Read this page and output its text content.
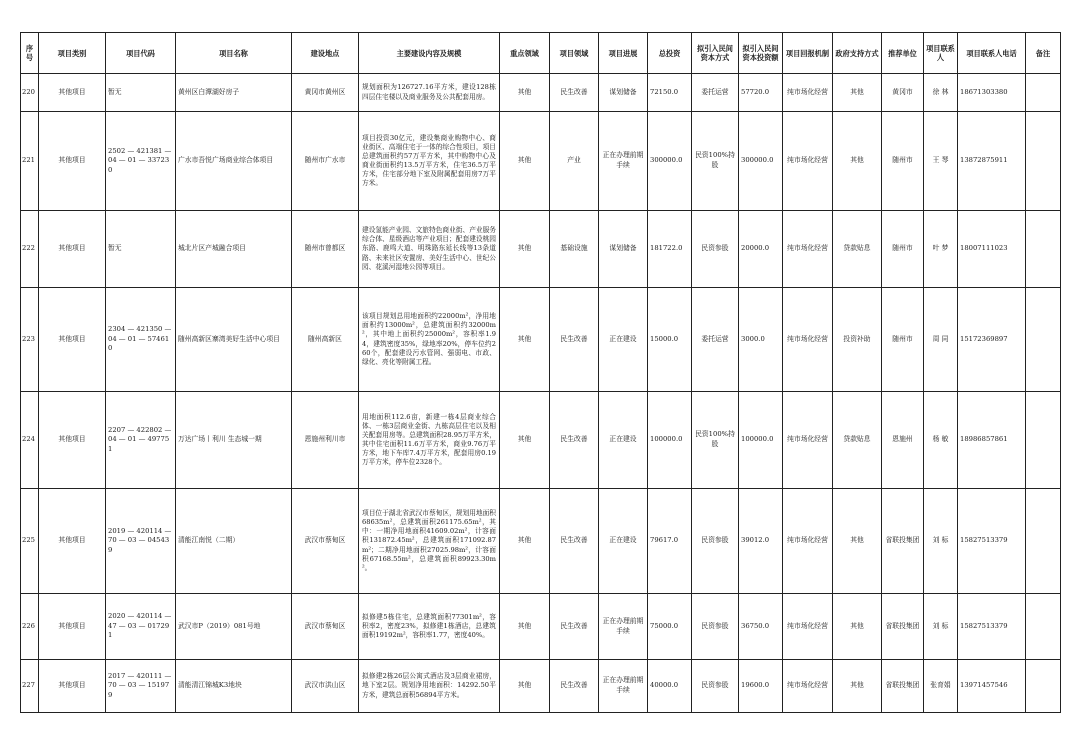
序号	项目类别	项目代码	项目名称	建设地点	主要建设内容及规模	重点领域	项目领域	项目进展	总投资	拟引入民间资本方式	拟引入民间资本投资额	项目回报机制	政府支持方式	推荐单位	项目联系人	项目联系人电话	备注
220	其他项目	暂无	黄州区白潭湖好房子	黄冈市黄州区	规划面积为126727.16平方米，建设128栋四层住宅楼以及商业服务及公共配套用房。	其他	民生改善	谋划储备	72150.0	委托运营	57720.0	纯市场化经营	其他	黄冈市	徐 林	18671303380	
221	其他项目	2502 — 421381 — 04 — 01 — 337230	广水市吾悦广场商业综合体项目	随州市广水市	项目投资30亿元，建设集商业购物中心、商业街区、高端住宅于一体的综合性项目，项目总建筑面积约57万平方米，其中购物中心及商业街面积约13.5万平方米，住宅36.5万平方米，住宅部分地下室及附属配套用房7万平方米。	其他	产业	正在办理前期手续	300000.0	民资100%持股	300000.0	纯市场化经营	其他	随州市	王 琴	13872875911	
222	其他项目	暂无	城北片区产城融合项目	随州市曾都区	建设氢能产业园、文旅特色商业街、产业服务综合体、星级酒店等产业项目；配套建设桃园东路、鹿鸣大道、明珠路东延长线等13条道路、未来社区安置房、美好生活中心、世纪公园、花溪河湿地公园等项目。	其他	基础设施	谋划储备	181722.0	民资参股	20000.0	纯市场化经营	贷款贴息	随州市	叶 梦	18007111023	
223	其他项目	2304 — 421350 — 04 — 01 — 574610	随州高新区寨湾美好生活中心项目	随州高新区	该项目规划总用地面积约22000m²，净用地面积约13000m²，总建筑面积约32000m²，其中地上面积约25000m²，容积率1.94，建筑密度35%，绿地率20%，停车位约260个，配套建设污水管网、强弱电、市政、绿化、亮化等附属工程。	其他	民生改善	正在建设	15000.0	委托运营	3000.0	纯市场化经营	投资补助	随州市	周 同	15172369897	
224	其他项目	2207 — 422802 — 04 — 01 — 497751	万达广场丨利川 生态城一期	恩施州利川市	用地面积112.6亩，新建一栋4层商业综合体、一栋3层商业金街、九栋高层住宅以及相关配套用房等。总建筑面积28.95万平方米，其中住宅面积11.6万平方米，商业9.76万平方米，地下车库7.4万平方米，配套用房0.19万平方米，停车位2328个。	其他	民生改善	正在建设	100000.0	民资100%持股	100000.0	纯市场化经营	贷款贴息	恩施州	杨 敏	18986857861	
225	其他项目	2019 — 420114 — 70 — 03 — 045439	清能江南悦（二期）	武汉市蔡甸区	项目位于湖北省武汉市蔡甸区，规划用地面积68635m²，总建筑面积261175.65m²，其中：一期净用地面积41609.02m²，计容面积131872.45m²，总建筑面积171092.87m²；二期净用地面积27025.98m²，计容面积67168.55m²，总建筑面积89923.30m²。	其他	民生改善	正在建设	79617.0	民资参股	39012.0	纯市场化经营	其他	省联投集团	刘 标	15827513379	
226	其他项目	2020 — 420114 — 47 — 03 — 017291	武汉市P（2019）081号地	武汉市蔡甸区	拟修建5栋住宅，总建筑面积77301m²，容积率2，密度23%，拟修建1栋酒店，总建筑面积19192m²，容积率1.77，密度40%。	其他	民生改善	正在办理前期手续	75000.0	民资参股	36750.0	纯市场化经营	其他	省联投集团	刘 标	15827513379	
227	其他项目	2017 — 420111 — 70 — 03 — 151979	清能清江锦城K3地块	武汉市洪山区	拟修建2栋26层公寓式酒店及3层商业裙房，地下室2层。规划净用地面积：14292.50平方米，建筑总面积56894平方米。	其他	民生改善	正在办理前期手续	40000.0	民资参股	19600.0	纯市场化经营	其他	省联投集团	张育娟	13971457546	
